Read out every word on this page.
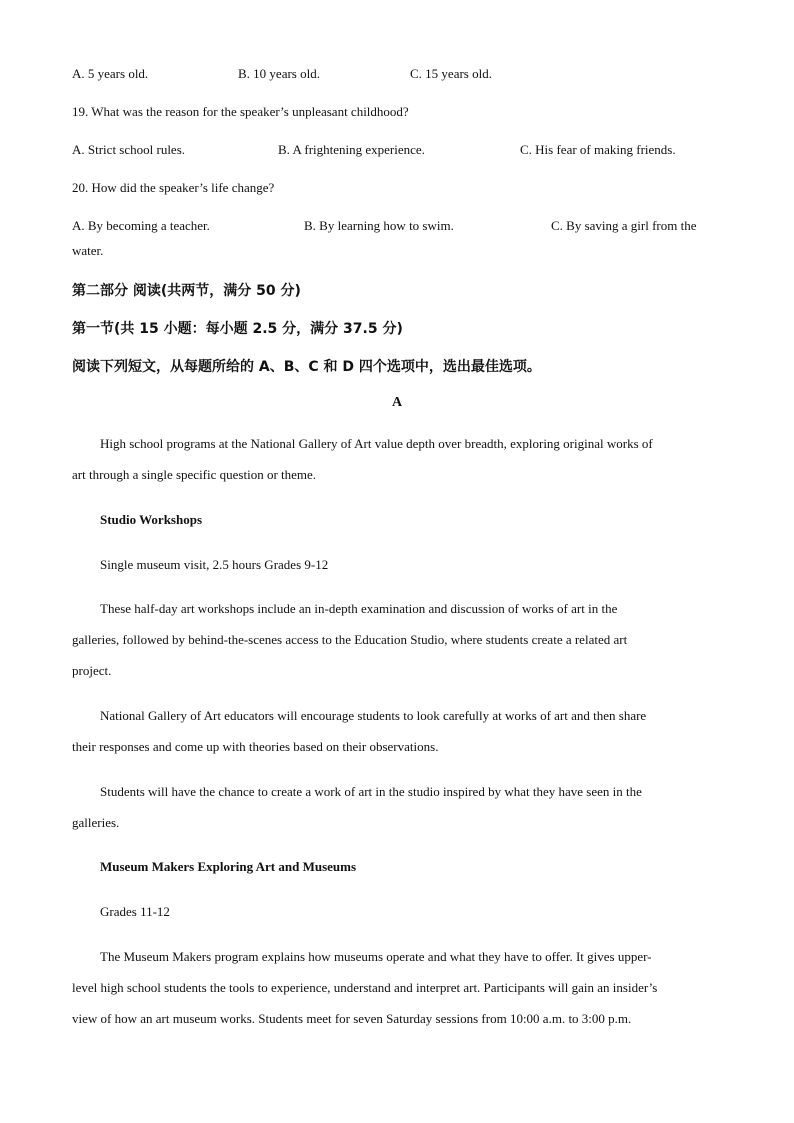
A. 5 years old.	B. 10 years old.	C. 15 years old.
19. What was the reason for the speaker’s unpleasant childhood?
A. Strict school rules.	B. A frightening experience.	C. His fear of making friends.
20. How did the speaker’s life change?
A. By becoming a teacher.	B. By learning how to swim.	C. By saving a girl from the
water.
第二部分 阅读(共两节，满分 50 分)
第一节(共 15 小题：每小题 2.5 分，满分 37.5 分)
阅读下列短文，从每题所给的 A、B、C 和 D 四个选项中，选出最佳选项。
A
High school programs at the National Gallery of Art value depth over breadth, exploring original works of
art through a single specific question or theme.
Studio Workshops
Single museum visit, 2.5 hours Grades 9-12
These half-day art workshops include an in-depth examination and discussion of works of art in the
galleries, followed by behind-the-scenes access to the Education Studio, where students create a related art
project.
National Gallery of Art educators will encourage students to look carefully at works of art and then share
their responses and come up with theories based on their observations.
Students will have the chance to create a work of art in the studio inspired by what they have seen in the
galleries.
Museum Makers Exploring Art and Museums
Grades 11-12
The Museum Makers program explains how museums operate and what they have to offer. It gives upper-
level high school students the tools to experience, understand and interpret art. Participants will gain an insider’s
view of how an art museum works. Students meet for seven Saturday sessions from 10:00 a.m. to 3:00 p.m.
